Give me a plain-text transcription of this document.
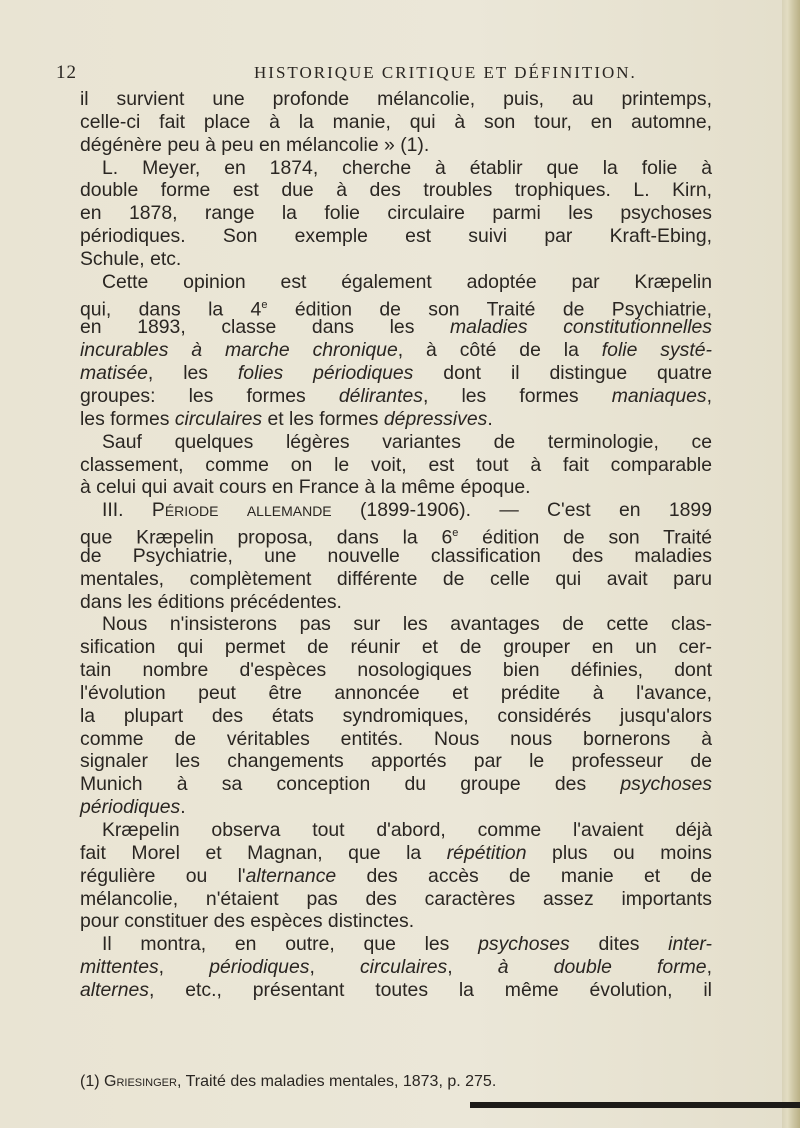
12	HISTORIQUE CRITIQUE ET DÉFINITION.
il survient une profonde mélancolie, puis, au printemps,
celle-ci fait place à la manie, qui à son tour, en automne,
dégénère peu à peu en mélancolie » (1).
L. Meyer, en 1874, cherche à établir que la folie à
double forme est due à des troubles trophiques. L. Kirn,
en 1878, range la folie circulaire parmi les psychoses
périodiques. Son exemple est suivi par Kraft-Ebing,
Schule, etc.
Cette opinion est également adoptée par Kræpelin
qui, dans la 4e édition de son Traité de Psychiatrie,
en 1893, classe dans les maladies constitutionnelles
incurables à marche chronique, à côté de la folie systé-
matisée, les folies périodiques dont il distingue quatre
groupes: les formes délirantes, les formes maniaques,
les formes circulaires et les formes dépressives.
Sauf quelques légères variantes de terminologie, ce
classement, comme on le voit, est tout à fait comparable
à celui qui avait cours en France à la même époque.
III. Période allemande (1899-1906). — C'est en 1899
que Kræpelin proposa, dans la 6e édition de son Traité
de Psychiatrie, une nouvelle classification des maladies
mentales, complètement différente de celle qui avait paru
dans les éditions précédentes.
Nous n'insisterons pas sur les avantages de cette clas-
sification qui permet de réunir et de grouper en un cer-
tain nombre d'espèces nosologiques bien définies, dont
l'évolution peut être annoncée et prédite à l'avance,
la plupart des états syndromiques, considérés jusqu'alors
comme de véritables entités. Nous nous bornerons à
signaler les changements apportés par le professeur de
Munich à sa conception du groupe des psychoses
périodiques.
Kræpelin observa tout d'abord, comme l'avaient déjà
fait Morel et Magnan, que la répétition plus ou moins
régulière ou l'alternance des accès de manie et de
mélancolie, n'étaient pas des caractères assez importants
pour constituer des espèces distinctes.
Il montra, en outre, que les psychoses dites inter-
mittentes, périodiques, circulaires, à double forme,
alternes, etc., présentant toutes la même évolution, il
(1) Griesinger, Traité des maladies mentales, 1873, p. 275.
